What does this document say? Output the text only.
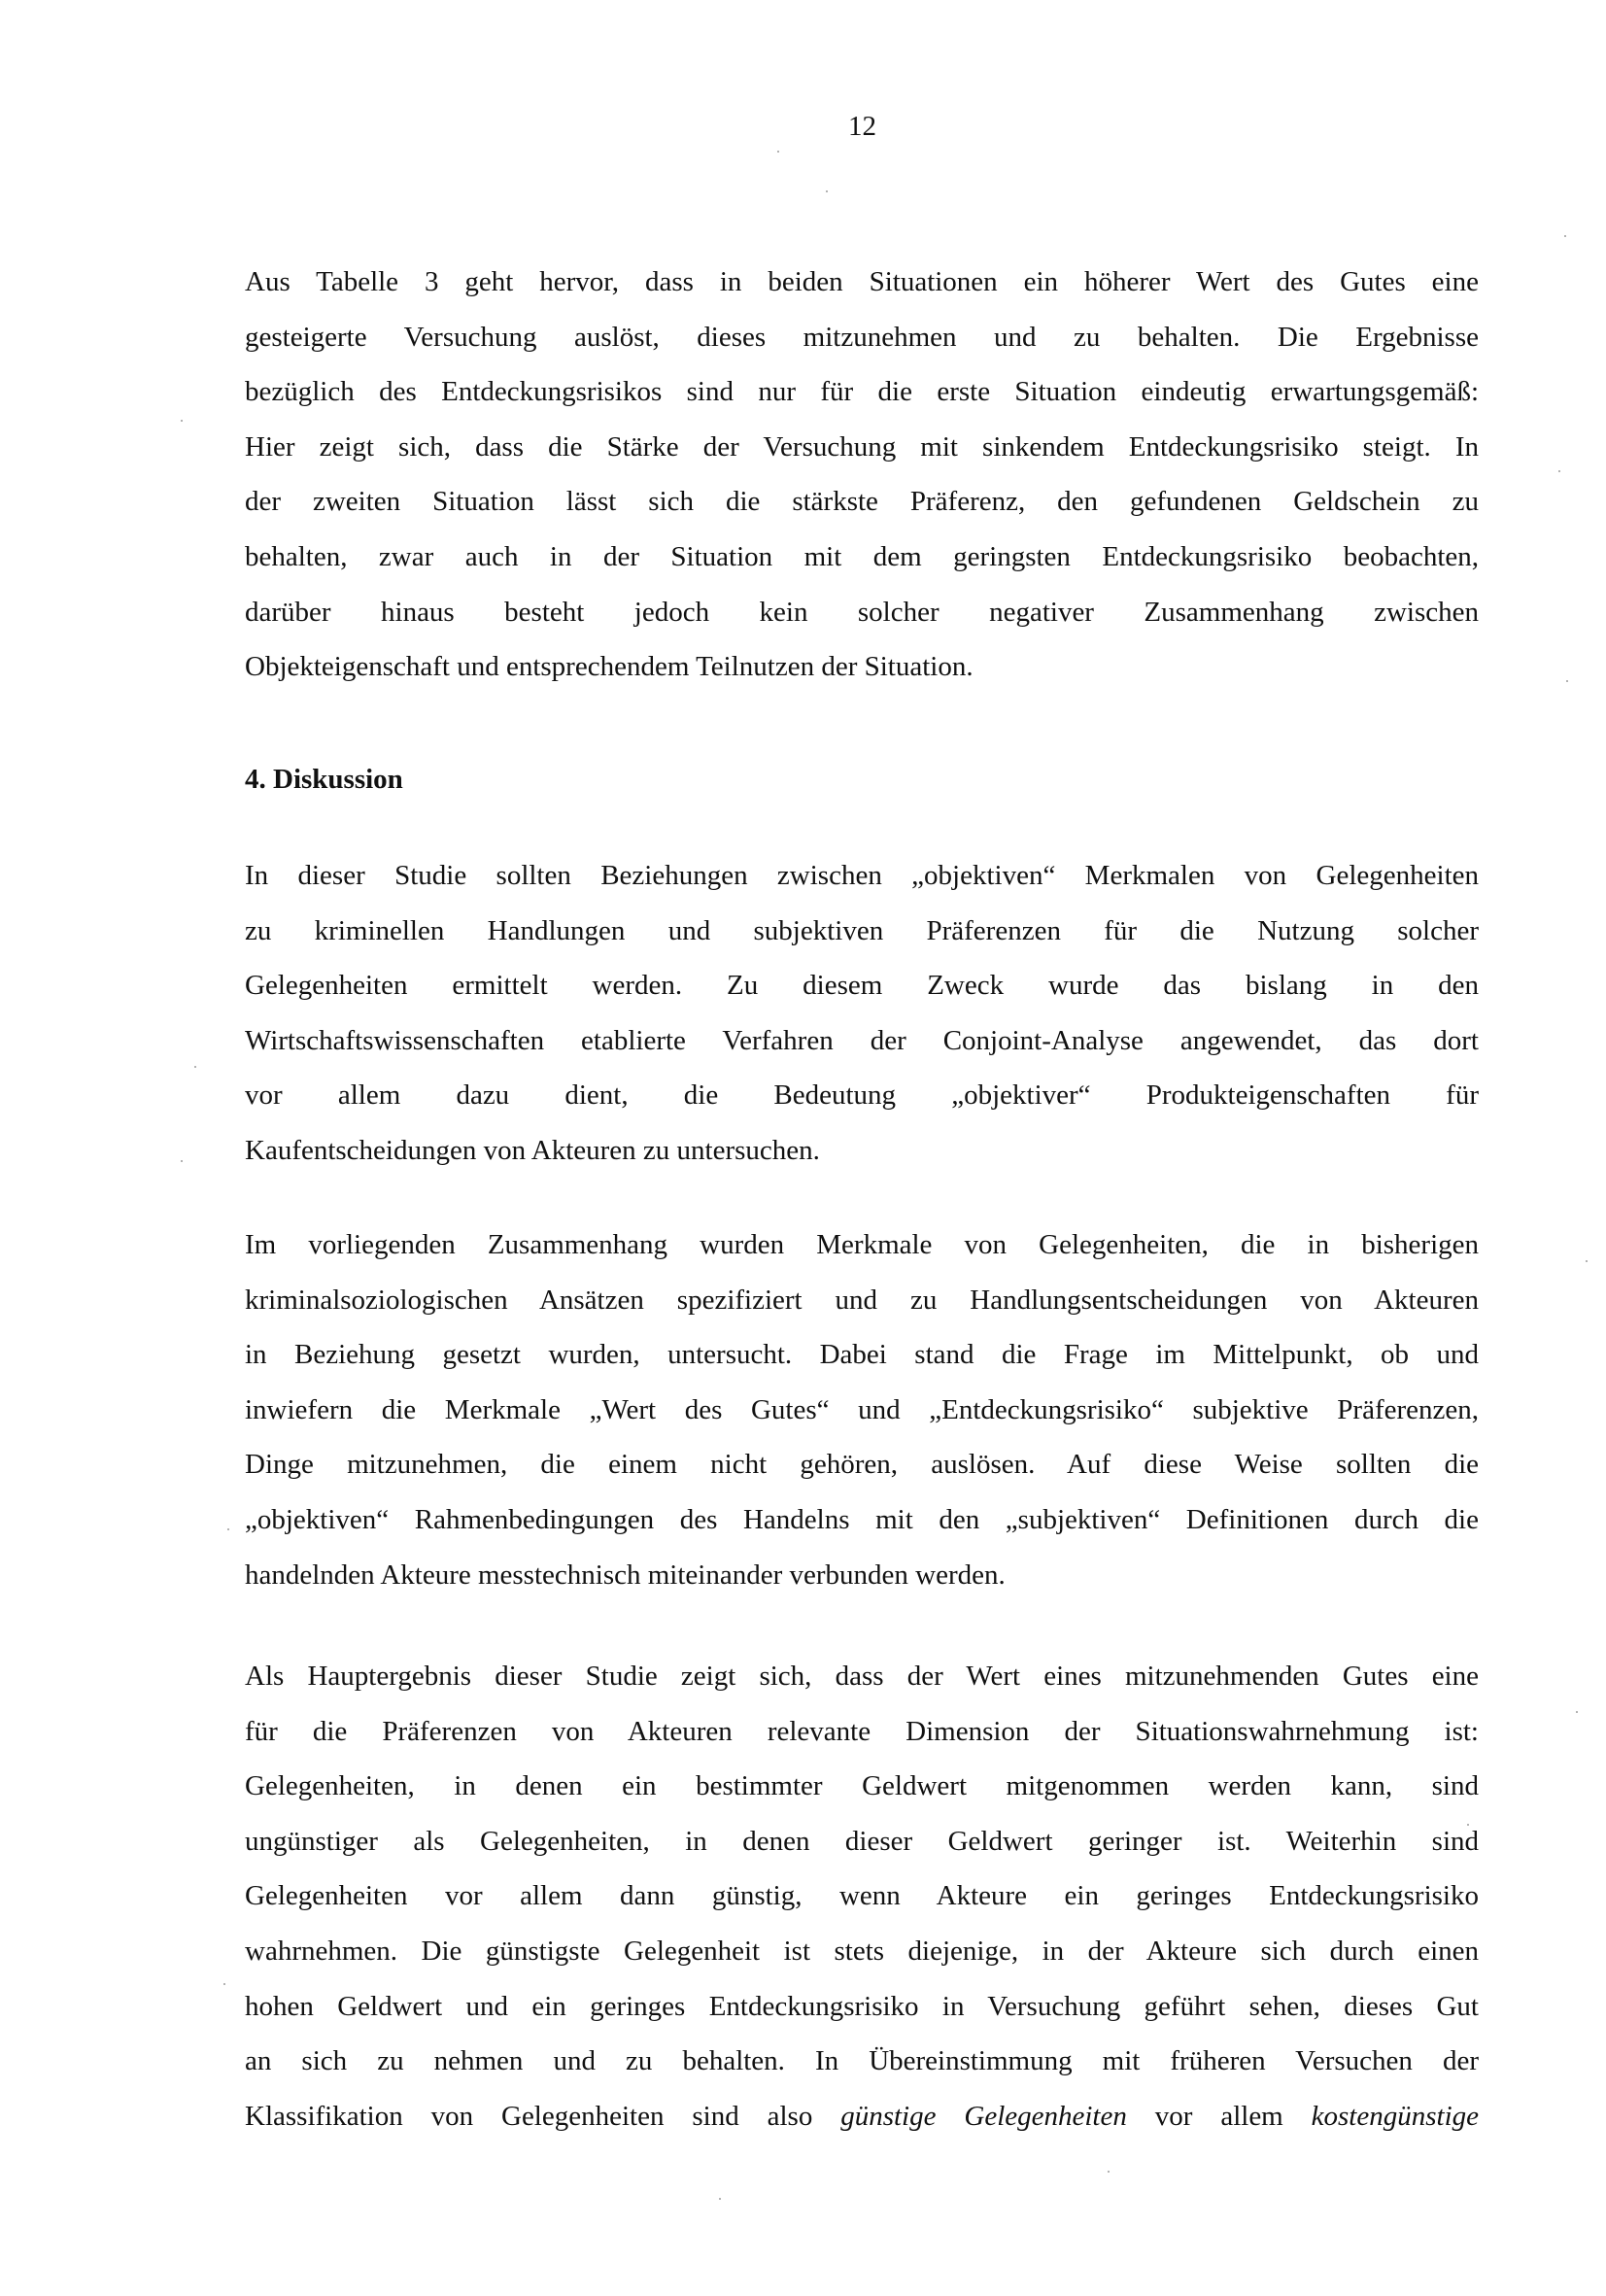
12
Aus Tabelle 3 geht hervor, dass in beiden Situationen ein höherer Wert des Gutes eine
gesteigerte Versuchung auslöst, dieses mitzunehmen und zu behalten. Die Ergebnisse
bezüglich des Entdeckungsrisikos sind nur für die erste Situation eindeutig erwartungsgemäß:
Hier zeigt sich, dass die Stärke der Versuchung mit sinkendem Entdeckungsrisiko steigt. In
der zweiten Situation lässt sich die stärkste Präferenz, den gefundenen Geldschein zu
behalten, zwar auch in der Situation mit dem geringsten Entdeckungsrisiko beobachten,
darüber hinaus besteht jedoch kein solcher negativer Zusammenhang zwischen
Objekteigenschaft und entsprechendem Teilnutzen der Situation.
4. Diskussion
In dieser Studie sollten Beziehungen zwischen „objektiven“ Merkmalen von Gelegenheiten
zu kriminellen Handlungen und subjektiven Präferenzen für die Nutzung solcher
Gelegenheiten ermittelt werden. Zu diesem Zweck wurde das bislang in den
Wirtschaftswissenschaften etablierte Verfahren der Conjoint-Analyse angewendet, das dort
vor allem dazu dient, die Bedeutung „objektiver“ Produkteigenschaften für
Kaufentscheidungen von Akteuren zu untersuchen.
Im vorliegenden Zusammenhang wurden Merkmale von Gelegenheiten, die in bisherigen
kriminalsoziologischen Ansätzen spezifiziert und zu Handlungsentscheidungen von Akteuren
in Beziehung gesetzt wurden, untersucht. Dabei stand die Frage im Mittelpunkt, ob und
inwiefern die Merkmale „Wert des Gutes“ und „Entdeckungsrisiko“ subjektive Präferenzen,
Dinge mitzunehmen, die einem nicht gehören, auslösen. Auf diese Weise sollten die
„objektiven“ Rahmenbedingungen des Handelns mit den „subjektiven“ Definitionen durch die
handelnden Akteure messtechnisch miteinander verbunden werden.
Als Hauptergebnis dieser Studie zeigt sich, dass der Wert eines mitzunehmenden Gutes eine
für die Präferenzen von Akteuren relevante Dimension der Situationswahrnehmung ist:
Gelegenheiten, in denen ein bestimmter Geldwert mitgenommen werden kann, sind
ungünstiger als Gelegenheiten, in denen dieser Geldwert geringer ist. Weiterhin sind
Gelegenheiten vor allem dann günstig, wenn Akteure ein geringes Entdeckungsrisiko
wahrnehmen. Die günstigste Gelegenheit ist stets diejenige, in der Akteure sich durch einen
hohen Geldwert und ein geringes Entdeckungsrisiko in Versuchung geführt sehen, dieses Gut
an sich zu nehmen und zu behalten. In Übereinstimmung mit früheren Versuchen der
Klassifikation von Gelegenheiten sind also günstige Gelegenheiten vor allem kostengünstige
